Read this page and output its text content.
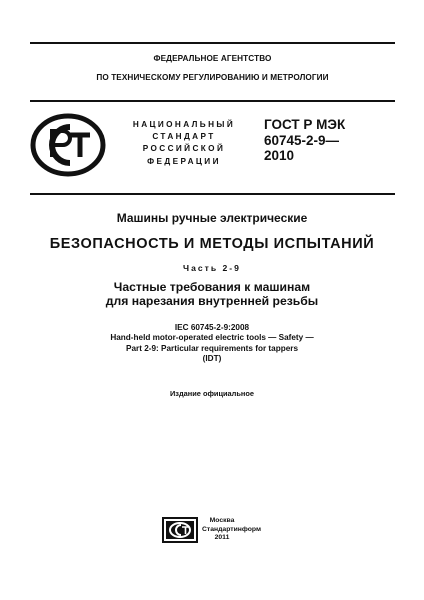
ФЕДЕРАЛЬНОЕ АГЕНТСТВО
ПО ТЕХНИЧЕСКОМУ РЕГУЛИРОВАНИЮ И МЕТРОЛОГИИ
НАЦИОНАЛЬНЫЙ
СТАНДАРТ
РОССИЙСКОЙ
ФЕДЕРАЦИИ
ГОСТ Р МЭК
60745-2-9—
2010
Машины ручные электрические
БЕЗОПАСНОСТЬ И МЕТОДЫ ИСПЫТАНИЙ
Часть 2-9
Частные требования к машинам
для нарезания внутренней резьбы
IEC 60745-2-9:2008
Hand-held motor-operated electric tools — Safety —
Part 2-9: Particular requirements for tappers
(IDT)
Издание официальное
Москва
Стандартинформ
2011
